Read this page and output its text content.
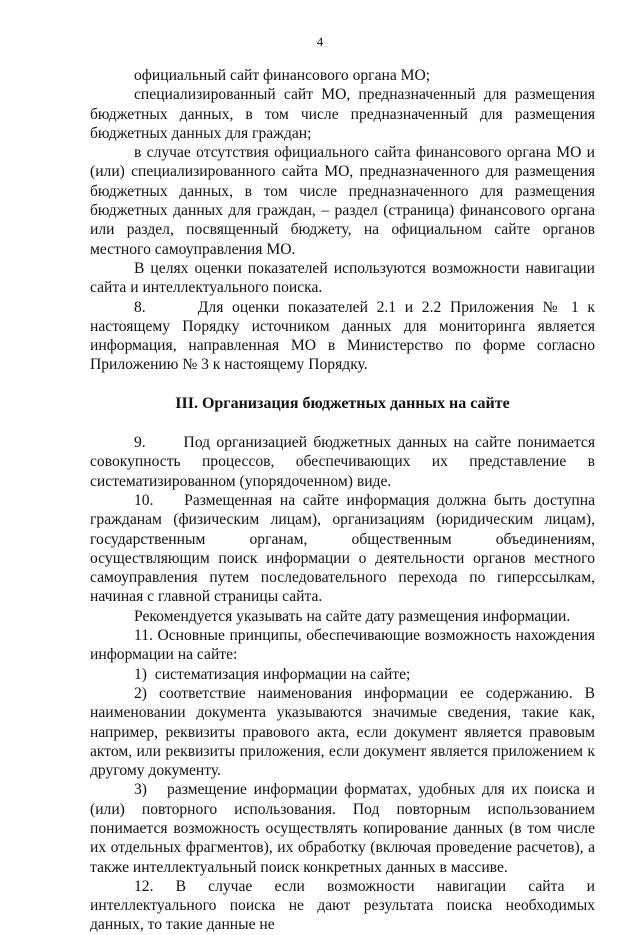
4

официальный сайт финансового органа МО;

специализированный сайт МО, предназначенный для размещения бюджетных данных, в том числе предназначенный для размещения бюджетных данных для граждан;

в случае отсутствия официального сайта финансового органа МО и (или) специализированного сайта МО, предназначенного для размещения бюджетных данных, в том числе предназначенного для размещения бюджетных данных для граждан, – раздел (страница) финансового органа или раздел, посвященный бюджету, на официальном сайте органов местного самоуправления МО.

В целях оценки показателей используются возможности навигации сайта и интеллектуального поиска.

8.      Для оценки показателей 2.1 и 2.2 Приложения № 1 к настоящему Порядку источником данных для мониторинга является информация, направленная МО в Министерство по форме согласно Приложению № 3 к настоящему Порядку.

III. Организация бюджетных данных на сайте

9.      Под организацией бюджетных данных на сайте понимается совокупность процессов, обеспечивающих их представление в систематизированном (упорядоченном) виде.

10.    Размещенная на сайте информация должна быть доступна гражданам (физическим лицам), организациям (юридическим лицам), государственным органам, общественным объединениям, осуществляющим поиск информации о деятельности органов местного самоуправления путем последовательного перехода по гиперссылкам, начиная с главной страницы сайта.

Рекомендуется указывать на сайте дату размещения информации.

11. Основные принципы, обеспечивающие возможность нахождения информации на сайте:

1)  систематизация информации на сайте;

2) соответствие наименования информации ее содержанию. В наименовании документа указываются значимые сведения, такие как, например, реквизиты правового акта, если документ является правовым актом, или реквизиты приложения, если документ является приложением к другому документу.

3)   размещение информации форматах, удобных для их поиска и (или) повторного использования. Под повторным использованием понимается возможность осуществлять копирование данных (в том числе их отдельных фрагментов), их обработку (включая проведение расчетов), а также интеллектуальный поиск конкретных данных в массиве.

12. В случае если возможности навигации сайта и интеллектуального поиска не дают результата поиска необходимых данных, то такие данные не
